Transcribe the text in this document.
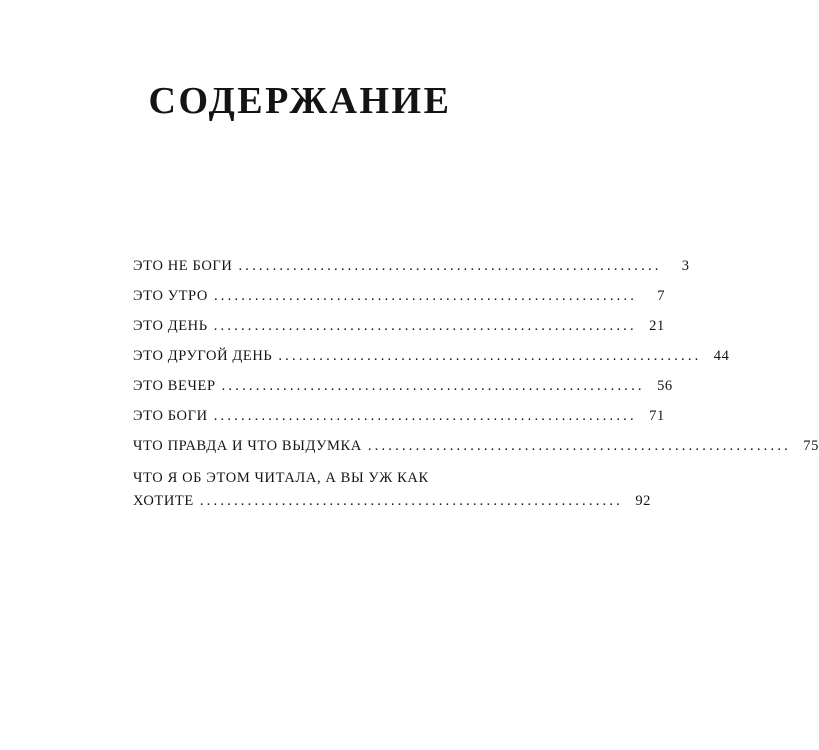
СОДЕРЖАНИЕ
ЭТО НЕ БОГИ ..............................................................	3
ЭТО УТРО ..............................................................	7
ЭТО ДЕНЬ .............................................................. 21
ЭТО ДРУГОЙ ДЕНЬ .............................................................. 44
ЭТО ВЕЧЕР .............................................................. 56
ЭТО БОГИ .............................................................. 71
ЧТО ПРАВДА И ЧТО ВЫДУМКА .............................................................. 75
ЧТО Я ОБ ЭТОМ ЧИТАЛА, А ВЫ УЖ КАК
ХОТИТЕ .............................................................. 92
